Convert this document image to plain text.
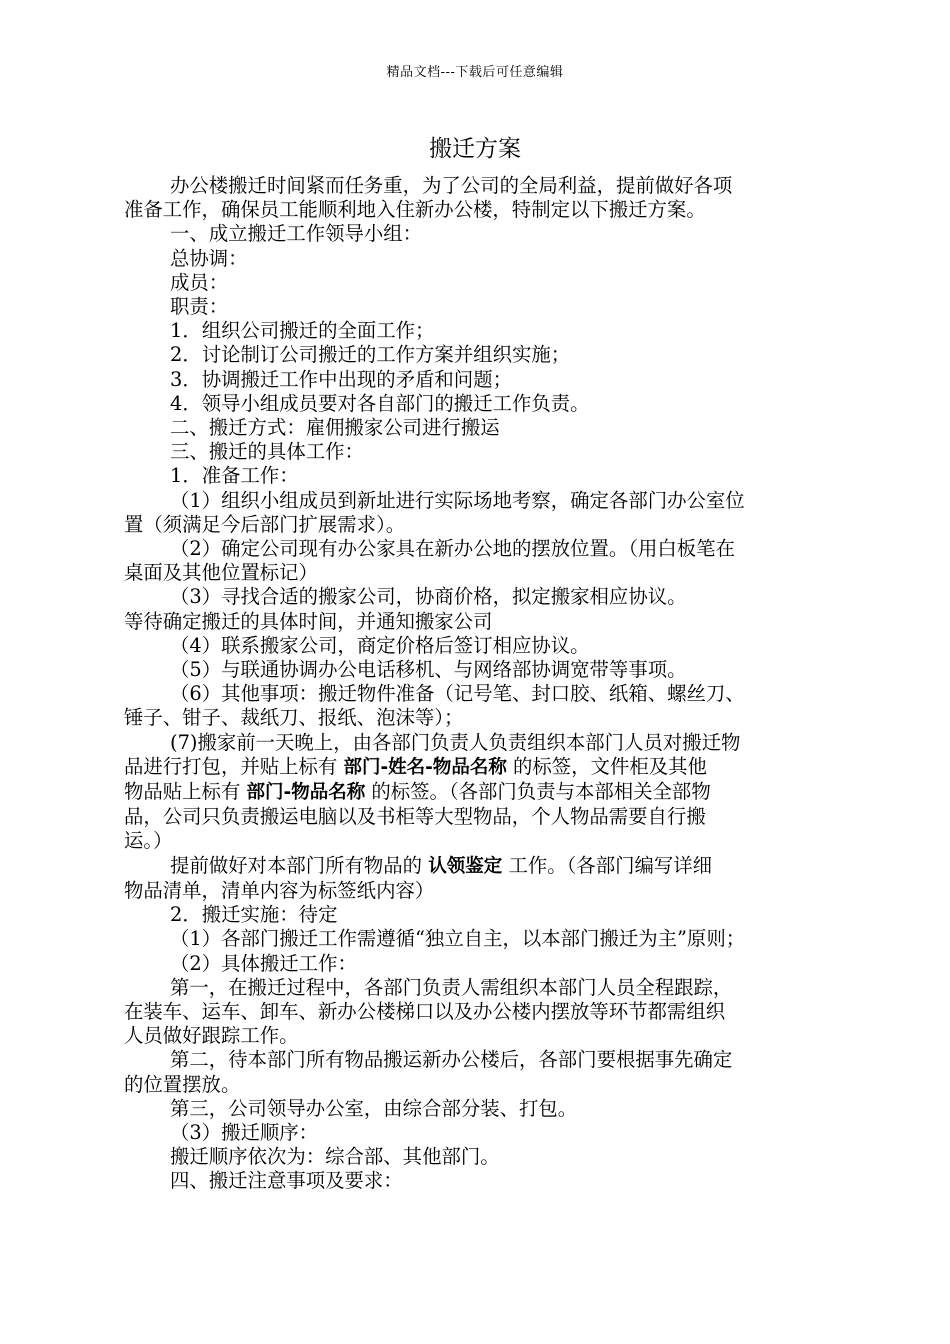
精品文档---下载后可任意编辑
搬迁方案

办公楼搬迁时间紧而任务重，为了公司的全局利益，提前做好各项

准备工作，确保员工能顺利地入住新办公楼，特制定以下搬迁方案。

一、成立搬迁工作领导小组：

总协调：

成员：

职责：

1．组织公司搬迁的全面工作；

2．讨论制订公司搬迁的工作方案并组织实施；

3．协调搬迁工作中出现的矛盾和问题；

4．领导小组成员要对各自部门的搬迁工作负责。

二、搬迁方式：雇佣搬家公司进行搬运

三、搬迁的具体工作：

1．准备工作：

（1）组织小组成员到新址进行实际场地考察，确定各部门办公室位

置（须满足今后部门扩展需求）。

（2）确定公司现有办公家具在新办公地的摆放位置。（用白板笔在

桌面及其他位置标记）

（3）寻找合适的搬家公司，协商价格，拟定搬家相应协议。

等待确定搬迁的具体时间，并通知搬家公司

（4）联系搬家公司，商定价格后签订相应协议。

（5）与联通协调办公电话移机、与网络部协调宽带等事项。

（6）其他事项：搬迁物件准备（记号笔、封口胶、纸箱、螺丝刀、

锤子、钳子、裁纸刀、报纸、泡沫等）；

(7)搬家前一天晚上，由各部门负责人负责组织本部门人员对搬迁物

品进行打包，并贴上标有 部门-姓名-物品名称 的标签，文件柜及其他

物品贴上标有 部门-物品名称 的标签。（各部门负责与本部相关全部物

品，公司只负责搬运电脑以及书柜等大型物品，个人物品需要自行搬

运。）

提前做好对本部门所有物品的 认领鉴定 工作。（各部门编写详细

物品清单，清单内容为标签纸内容）

2．搬迁实施：待定

（1）各部门搬迁工作需遵循“独立自主，以本部门搬迁为主”原则；

（2）具体搬迁工作：

第一，在搬迁过程中，各部门负责人需组织本部门人员全程跟踪，

在装车、运车、卸车、新办公楼梯口以及办公楼内摆放等环节都需组织

人员做好跟踪工作。

第二，待本部门所有物品搬运新办公楼后，各部门要根据事先确定

的位置摆放。

第三，公司领导办公室，由综合部分装、打包。

（3）搬迁顺序：

搬迁顺序依次为：综合部、其他部门。

四、搬迁注意事项及要求：
